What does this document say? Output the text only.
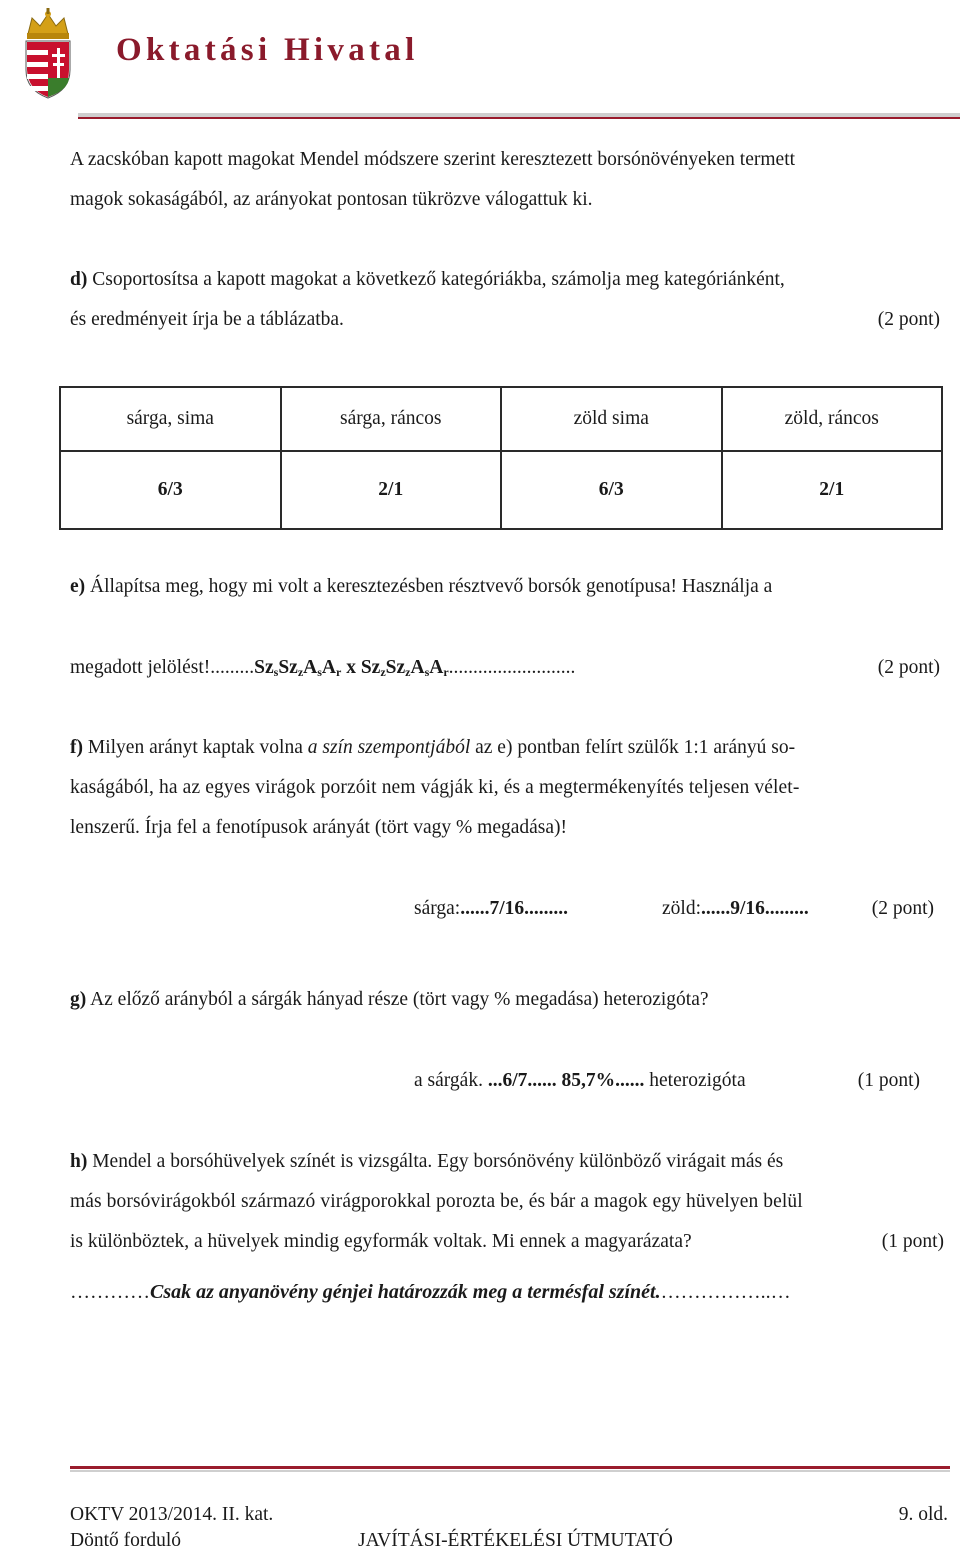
Oktatási Hivatal
A zacskóban kapott magokat Mendel módszere szerint keresztezett borsónövényeken termett
magok sokaságából, az arányokat pontosan tükrözve válogattuk ki.
d) Csoportosítsa a kapott magokat a következő kategóriákba, számolja meg kategóriánként,
és eredményeit írja be a táblázatba.	(2 pont)
sárga, sima	sárga, ráncos	zöld sima	zöld, ráncos
6/3	2/1	6/3	2/1
e) Állapítsa meg, hogy mi volt a keresztezésben résztvevő borsók genotípusa! Használja a
megadott $jelölést!.........Sz_sSz_zA_sA_r$ x $Sz_zSz_zA_sA_r$..........................	(2 pont)
f) Milyen arányt kaptak volna a szín szempontjából az e) pontban felírt szülők 1:1 arányú so-
kaságából, ha az egyes virágok porzóit nem vágják ki, és a megtermékenyítés teljesen vélet-
lenszerű. Írja fel a fenotípusok arányát (tört vagy % megadása)!
sárga:......7/16.........	zöld:......9/16.........	(2 pont)
g) Az előző arányból a sárgák hányad része (tört vagy % megadása) heterozigóta?
a sárgák. ...6/7...... 85,7%...... heterozigóta	(1 pont)
h) Mendel a borsóhüvelyek színét is vizsgálta. Egy borsónövény különböző virágait más és
más borsóvirágokból származó virágporokkal porozta be, és bár a magok egy hüvelyen belül
is különböztek, a hüvelyek mindig egyformák voltak. Mi ennek a magyarázata?	(1 pont)
…………Csak az anyanövény génjei határozzák meg a termésfal színét.……………..…
OKTV 2013/2014. II. kat.
Döntő forduló
9. old.
JAVÍTÁSI-ÉRTÉKELÉSI ÚTMUTATÓ
